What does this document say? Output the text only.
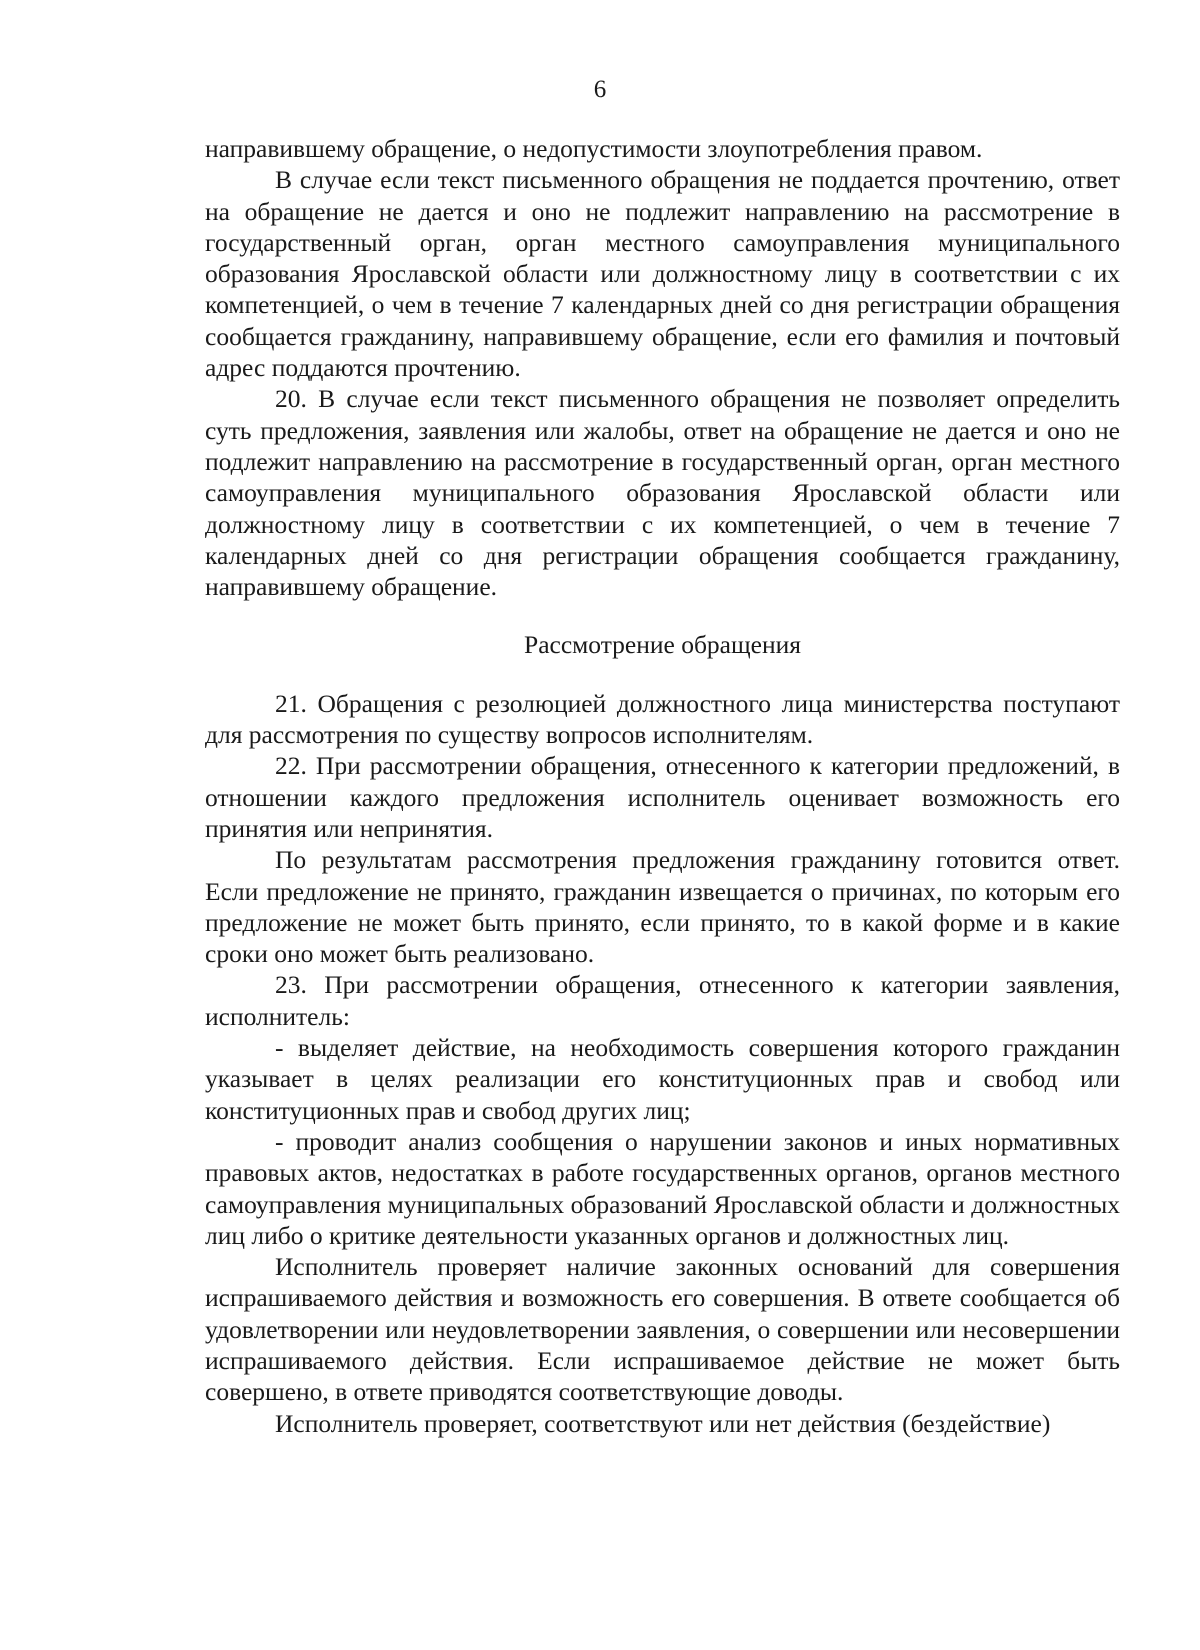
6

направившему обращение, о недопустимости злоупотребления правом.

В случае если текст письменного обращения не поддается прочтению, ответ на обращение не дается и оно не подлежит направлению на рассмотрение в государственный орган, орган местного самоуправления муниципального образования Ярославской области или должностному лицу в соответствии с их компетенцией, о чем в течение 7 календарных дней со дня регистрации обращения сообщается гражданину, направившему обращение, если его фамилия и почтовый адрес поддаются прочтению.

20. В случае если текст письменного обращения не позволяет определить суть предложения, заявления или жалобы, ответ на обращение не дается и оно не подлежит направлению на рассмотрение в государственный орган, орган местного самоуправления муниципального образования Ярославской области или должностному лицу в соответствии с их компетенцией, о чем в течение 7 календарных дней со дня регистрации обращения сообщается гражданину, направившему обращение.

Рассмотрение обращения

21. Обращения с резолюцией должностного лица министерства поступают для рассмотрения по существу вопросов исполнителям.

22. При рассмотрении обращения, отнесенного к категории предложений, в отношении каждого предложения исполнитель оценивает возможность его принятия или непринятия.

По результатам рассмотрения предложения гражданину готовится ответ. Если предложение не принято, гражданин извещается о причинах, по которым его предложение не может быть принято, если принято, то в какой форме и в какие сроки оно может быть реализовано.

23. При рассмотрении обращения, отнесенного к категории заявления, исполнитель:

- выделяет действие, на необходимость совершения которого гражданин указывает в целях реализации его конституционных прав и свобод или конституционных прав и свобод других лиц;

- проводит анализ сообщения о нарушении законов и иных нормативных правовых актов, недостатках в работе государственных органов, органов местного самоуправления муниципальных образований Ярославской области и должностных лиц либо о критике деятельности указанных органов и должностных лиц.

Исполнитель проверяет наличие законных оснований для совершения испрашиваемого действия и возможность его совершения. В ответе сообщается об удовлетворении или неудовлетворении заявления, о совершении или несовершении испрашиваемого действия. Если испрашиваемое действие не может быть совершено, в ответе приводятся соответствующие доводы.

Исполнитель проверяет, соответствуют или нет действия (бездействие)
